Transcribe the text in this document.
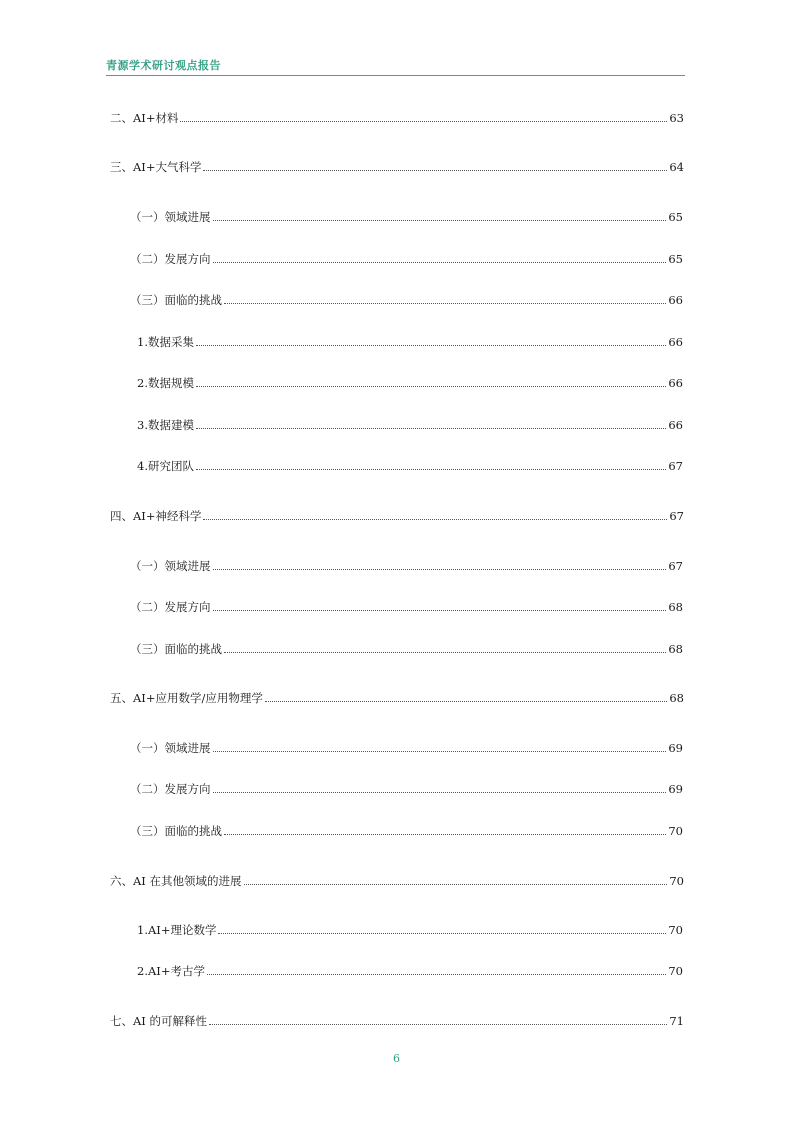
青源学术研讨观点报告
二、AI+材料	63
三、AI+大气科学	64
（一）领域进展	65
（二）发展方向	65
（三）面临的挑战	66
1.数据采集	66
2.数据规模	66
3.数据建模	66
4.研究团队	67
四、AI+神经科学	67
（一）领域进展	67
（二）发展方向	68
（三）面临的挑战	68
五、AI+应用数学/应用物理学	68
（一）领域进展	69
（二）发展方向	69
（三）面临的挑战	70
六、AI 在其他领域的进展	70
1.AI+理论数学	70
2.AI+考古学	70
七、AI 的可解释性	71
6
